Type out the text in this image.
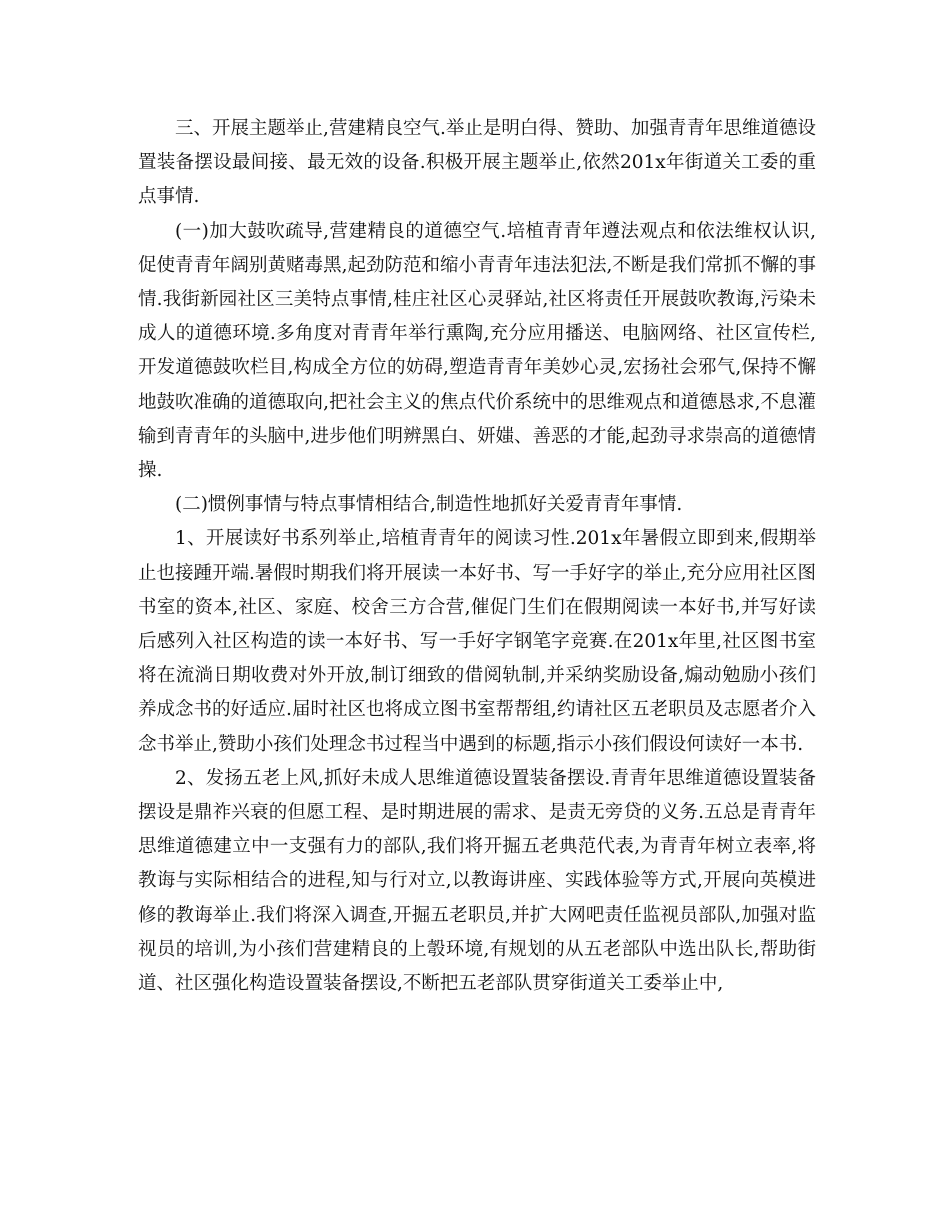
三、开展主题举止,营建精良空气.举止是明白得、赞助、加强青青年思维道德设置装备摆设最间接、最无效的设备.积极开展主题举止,依然201x年街道关工委的重点事情.

(一)加大鼓吹疏导,营建精良的道德空气.培植青青年遵法观点和依法维权认识,促使青青年阔别黄赌毒黑,起劲防范和缩小青青年违法犯法,不断是我们常抓不懈的事情.我街新园社区三美特点事情,桂庄社区心灵驿站,社区将责任开展鼓吹教诲,污染未成人的道德环境.多角度对青青年举行熏陶,充分应用播送、电脑网络、社区宣传栏,开发道德鼓吹栏目,构成全方位的妨碍,塑造青青年美妙心灵,宏扬社会邪气,保持不懈地鼓吹准确的道德取向,把社会主义的焦点代价系统中的思维观点和道德恳求,不息灌输到青青年的头脑中,进步他们明辨黑白、妍媸、善恶的才能,起劲寻求崇高的道德情操.

(二)惯例事情与特点事情相结合,制造性地抓好关爱青青年事情.

1、开展读好书系列举止,培植青青年的阅读习性.201x年暑假立即到来,假期举止也接踵开端.暑假时期我们将开展读一本好书、写一手好字的举止,充分应用社区图书室的资本,社区、家庭、校舍三方合营,催促门生们在假期阅读一本好书,并写好读后感列入社区构造的读一本好书、写一手好字钢笔字竞赛.在201x年里,社区图书室将在流淌日期收费对外开放,制订细致的借阅轨制,并采纳奖励设备,煽动勉励小孩们养成念书的好适应.届时社区也将成立图书室帮帮组,约请社区五老职员及志愿者介入念书举止,赞助小孩们处理念书过程当中遇到的标题,指示小孩们假设何读好一本书.

2、发扬五老上风,抓好未成人思维道德设置装备摆设.青青年思维道德设置装备摆设是鼎祚兴衰的但愿工程、是时期进展的需求、是责无旁贷的义务.五总是青青年思维道德建立中一支强有力的部队,我们将开掘五老典范代表,为青青年树立表率,将教诲与实际相结合的进程,知与行对立,以教诲讲座、实践体验等方式,开展向英模进修的教诲举止.我们将深入调查,开掘五老职员,并扩大网吧责任监视员部队,加强对监视员的培训,为小孩们营建精良的上彀环境,有规划的从五老部队中选出队长,帮助街道、社区强化构造设置装备摆设,不断把五老部队贯穿街道关工委举止中,
